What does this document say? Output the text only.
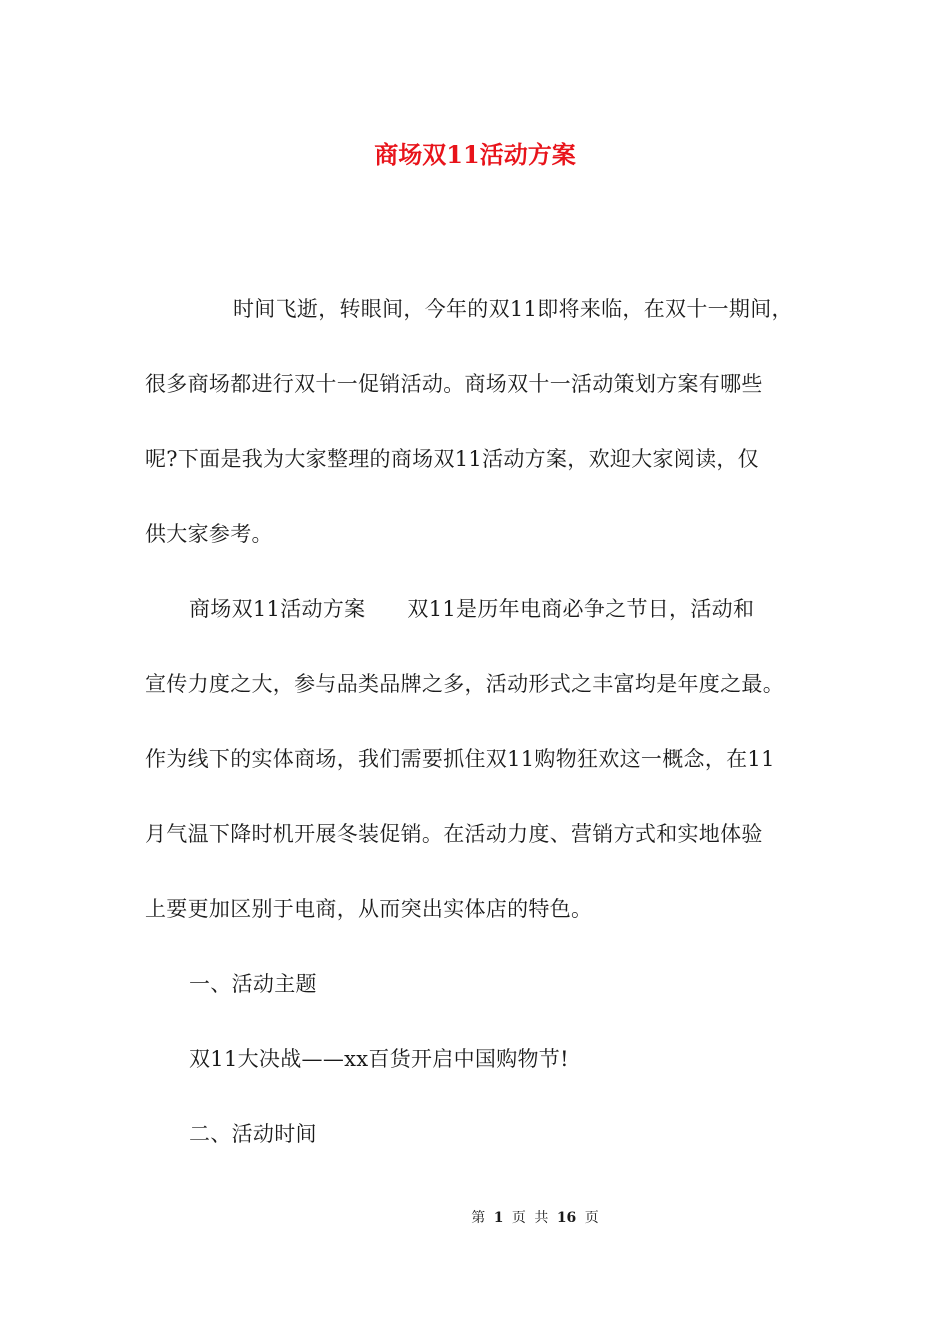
商场双11活动方案

时间飞逝，转眼间，今年的双11即将来临，在双十一期间，

很多商场都进行双十一促销活动。商场双十一活动策划方案有哪些

呢?下面是我为大家整理的商场双11活动方案，欢迎大家阅读，仅

供大家参考。

商场双11活动方案 双11是历年电商必争之节日，活动和

宣传力度之大，参与品类品牌之多，活动形式之丰富均是年度之最。

作为线下的实体商场，我们需要抓住双11购物狂欢这一概念，在11

月气温下降时机开展冬装促销。在活动力度、营销方式和实地体验

上要更加区别于电商，从而突出实体店的特色。

一、活动主题

双11大决战——xx百货开启中国购物节!

二、活动时间

第 1 页 共 16 页
